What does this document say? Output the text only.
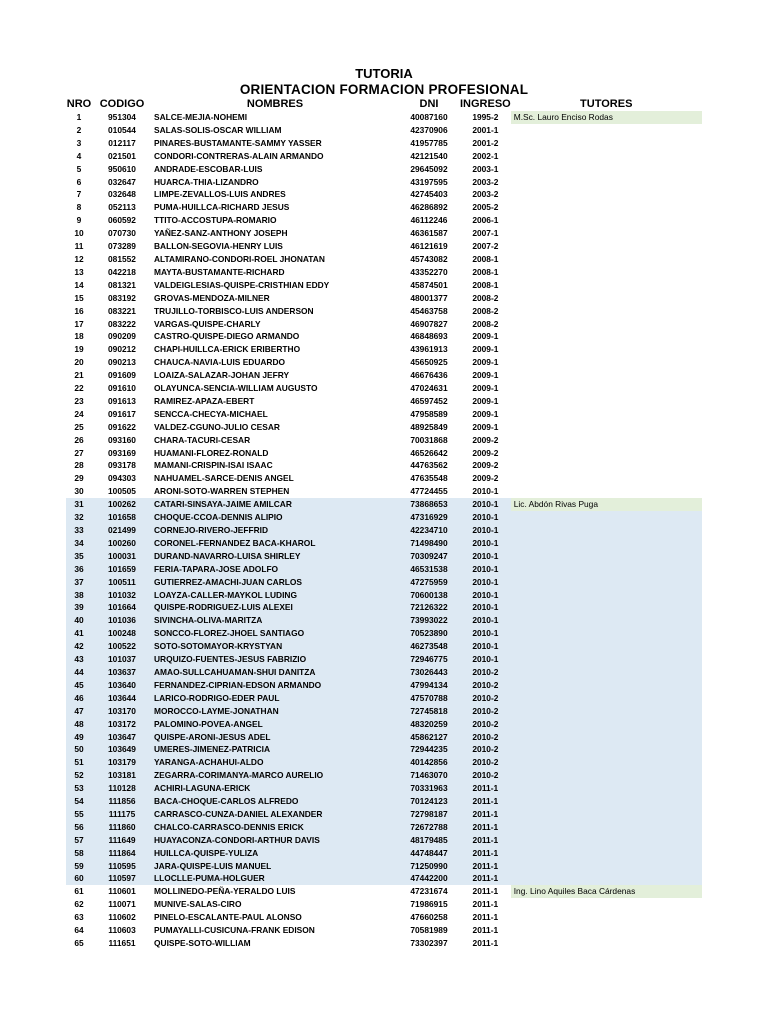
TUTORIA
ORIENTACION FORMACION PROFESIONAL
NRO	CODIGO	NOMBRES	DNI	INGRESO	TUTORES
1	951304	SALCE-MEJIA-NOHEMI	40087160	1995-2	M.Sc. Lauro Enciso Rodas
2	010544	SALAS-SOLIS-OSCAR WILLIAM	42370906	2001-1	
3	012117	PINARES-BUSTAMANTE-SAMMY YASSER	41957785	2001-2	
4	021501	CONDORI-CONTRERAS-ALAIN ARMANDO	42121540	2002-1	
5	950610	ANDRADE-ESCOBAR-LUIS	29645092	2003-1	
6	032647	HUARCA-THIA-LIZANDRO	43197595	2003-2	
7	032648	LIMPE-ZEVALLOS-LUIS ANDRES	42745403	2003-2	
8	052113	PUMA-HUILLCA-RICHARD JESUS	46286892	2005-2	
9	060592	TTITO-ACCOSTUPA-ROMARIO	46112246	2006-1	
10	070730	YAÑEZ-SANZ-ANTHONY JOSEPH	46361587	2007-1	
11	073289	BALLON-SEGOVIA-HENRY LUIS	46121619	2007-2	
12	081552	ALTAMIRANO-CONDORI-ROEL JHONATAN	45743082	2008-1	
13	042218	MAYTA-BUSTAMANTE-RICHARD	43352270	2008-1	
14	081321	VALDEIGLESIAS-QUISPE-CRISTHIAN EDDY	45874501	2008-1	
15	083192	GROVAS-MENDOZA-MILNER	48001377	2008-2	
16	083221	TRUJILLO-TORBISCO-LUIS ANDERSON	45463758	2008-2	
17	083222	VARGAS-QUISPE-CHARLY	46907827	2008-2	
18	090209	CASTRO-QUISPE-DIEGO ARMANDO	46848693	2009-1	
19	090212	CHAPI-HUILLCA-ERICK ERIBERTHO	43961913	2009-1	
20	090213	CHAUCA-NAVIA-LUIS EDUARDO	45650925	2009-1	
21	091609	LOAIZA-SALAZAR-JOHAN JEFRY	46676436	2009-1	
22	091610	OLAYUNCA-SENCIA-WILLIAM AUGUSTO	47024631	2009-1	
23	091613	RAMIREZ-APAZA-EBERT	46597452	2009-1	
24	091617	SENCCA-CHECYA-MICHAEL	47958589	2009-1	
25	091622	VALDEZ-CGUNO-JULIO CESAR	48925849	2009-1	
26	093160	CHARA-TACURI-CESAR	70031868	2009-2	
27	093169	HUAMANI-FLOREZ-RONALD	46526642	2009-2	
28	093178	MAMANI-CRISPIN-ISAI ISAAC	44763562	2009-2	
29	094303	NAHUAMEL-SARCE-DENIS ANGEL	47635548	2009-2	
30	100505	ARONI-SOTO-WARREN STEPHEN	47724455	2010-1	
31	100262	CATARI-SINSAYA-JAIME AMILCAR	73868653	2010-1	Lic. Abdón Rivas Puga
32	101658	CHOQUE-CCOA-DENNIS ALIPIO	47316929	2010-1	
33	021499	CORNEJO-RIVERO-JEFFRID	42234710	2010-1	
34	100260	CORONEL-FERNANDEZ BACA-KHAROL	71498490	2010-1	
35	100031	DURAND-NAVARRO-LUISA SHIRLEY	70309247	2010-1	
36	101659	FERIA-TAPARA-JOSE ADOLFO	46531538	2010-1	
37	100511	GUTIERREZ-AMACHI-JUAN CARLOS	47275959	2010-1	
38	101032	LOAYZA-CALLER-MAYKOL LUDING	70600138	2010-1	
39	101664	QUISPE-RODRIGUEZ-LUIS ALEXEI	72126322	2010-1	
40	101036	SIVINCHA-OLIVA-MARITZA	73993022	2010-1	
41	100248	SONCCO-FLOREZ-JHOEL SANTIAGO	70523890	2010-1	
42	100522	SOTO-SOTOMAYOR-KRYSTYAN	46273548	2010-1	
43	101037	URQUIZO-FUENTES-JESUS FABRIZIO	72946775	2010-1	
44	103637	AMAO-SULLCAHUAMAN-SHUI DANITZA	73026443	2010-2	
45	103640	FERNANDEZ-CIPRIAN-EDSON ARMANDO	47994134	2010-2	
46	103644	LARICO-RODRIGO-EDER PAUL	47570788	2010-2	
47	103170	MOROCCO-LAYME-JONATHAN	72745818	2010-2	
48	103172	PALOMINO-POVEA-ANGEL	48320259	2010-2	
49	103647	QUISPE-ARONI-JESUS ADEL	45862127	2010-2	
50	103649	UMERES-JIMENEZ-PATRICIA	72944235	2010-2	
51	103179	YARANGA-ACHAHUI-ALDO	40142856	2010-2	
52	103181	ZEGARRA-CORIMANYA-MARCO AURELIO	71463070	2010-2	
53	110128	ACHIRI-LAGUNA-ERICK	70331963	2011-1	
54	111856	BACA-CHOQUE-CARLOS ALFREDO	70124123	2011-1	
55	111175	CARRASCO-CUNZA-DANIEL ALEXANDER	72798187	2011-1	
56	111860	CHALCO-CARRASCO-DENNIS ERICK	72672788	2011-1	
57	111649	HUAYACONZA-CONDORI-ARTHUR DAVIS	48179485	2011-1	
58	111864	HUILLCA-QUISPE-YULIZA	44748447	2011-1	
59	110595	JARA-QUISPE-LUIS MANUEL	71250990	2011-1	
60	110597	LLOCLLE-PUMA-HOLGUER	47442200	2011-1	
61	110601	MOLLINEDO-PEÑA-YERALDO LUIS	47231674	2011-1	Ing. Lino Aquiles Baca Cárdenas
62	110071	MUNIVE-SALAS-CIRO	71986915	2011-1	
63	110602	PINELO-ESCALANTE-PAUL ALONSO	47660258	2011-1	
64	110603	PUMAYALLI-CUSICUNA-FRANK EDISON	70581989	2011-1	
65	111651	QUISPE-SOTO-WILLIAM	73302397	2011-1	
